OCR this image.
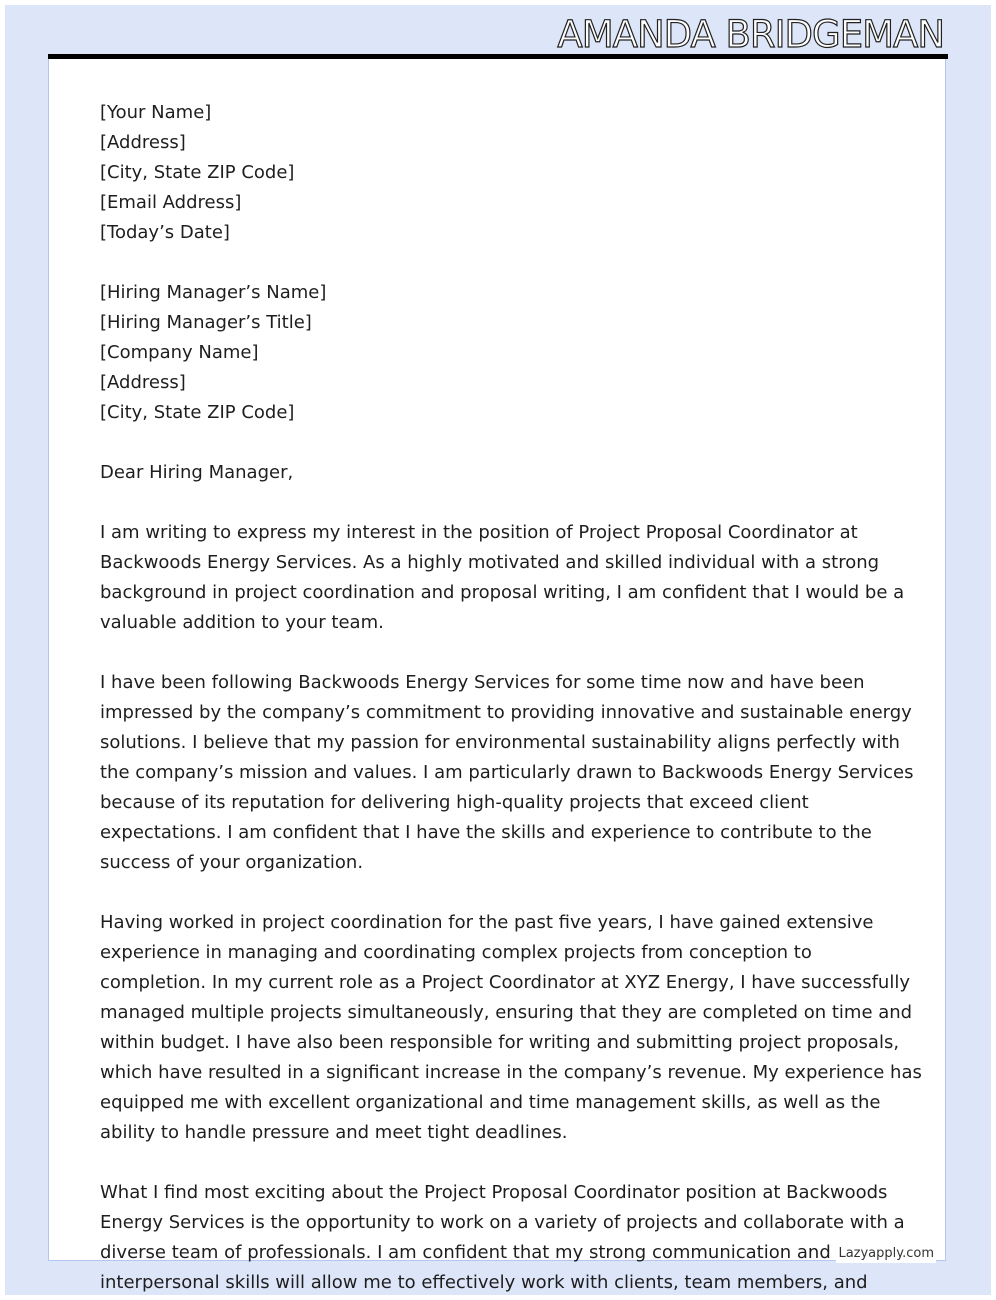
AMANDA BRIDGEMAN
[Your Name]
[Address]
[City, State ZIP Code]
[Email Address]
[Today’s Date]
[Hiring Manager’s Name]
[Hiring Manager’s Title]
[Company Name]
[Address]
[City, State ZIP Code]
Dear Hiring Manager,
I am writing to express my interest in the position of Project Proposal Coordinator at
Backwoods Energy Services. As a highly motivated and skilled individual with a strong
background in project coordination and proposal writing, I am confident that I would be a
valuable addition to your team.
I have been following Backwoods Energy Services for some time now and have been
impressed by the company’s commitment to providing innovative and sustainable energy
solutions. I believe that my passion for environmental sustainability aligns perfectly with
the company’s mission and values. I am particularly drawn to Backwoods Energy Services
because of its reputation for delivering high-quality projects that exceed client
expectations. I am confident that I have the skills and experience to contribute to the
success of your organization.
Having worked in project coordination for the past five years, I have gained extensive
experience in managing and coordinating complex projects from conception to
completion. In my current role as a Project Coordinator at XYZ Energy, I have successfully
managed multiple projects simultaneously, ensuring that they are completed on time and
within budget. I have also been responsible for writing and submitting project proposals,
which have resulted in a significant increase in the company’s revenue. My experience has
equipped me with excellent organizational and time management skills, as well as the
ability to handle pressure and meet tight deadlines.
What I find most exciting about the Project Proposal Coordinator position at Backwoods
Energy Services is the opportunity to work on a variety of projects and collaborate with a
diverse team of professionals. I am confident that my strong communication and
interpersonal skills will allow me to effectively work with clients, team members, and
Lazyapply.com
